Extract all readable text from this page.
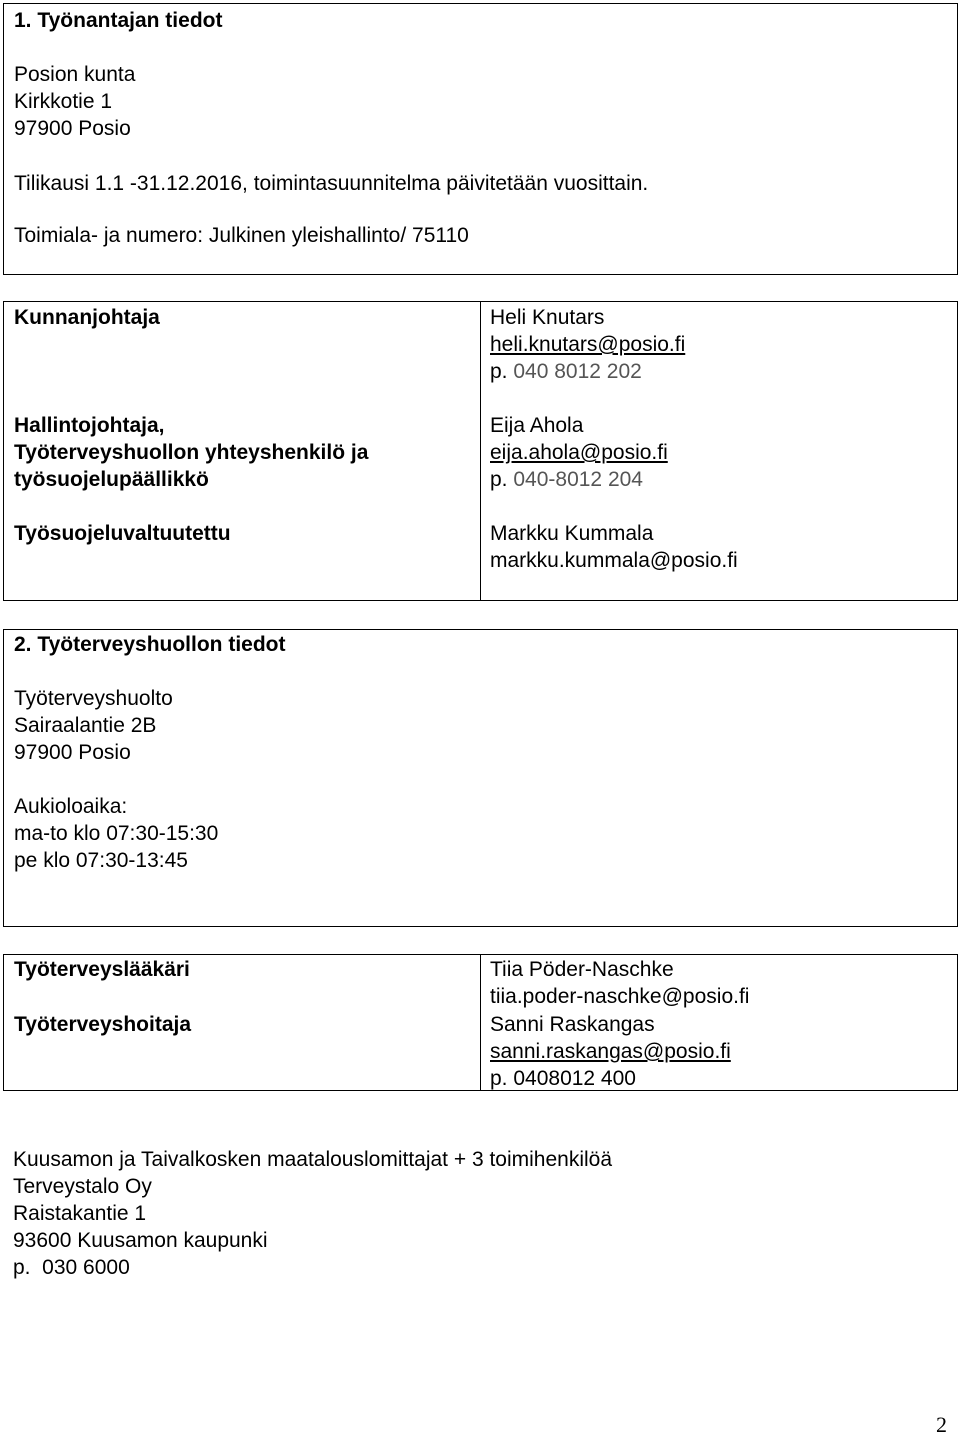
1. Työnantajan tiedot
Posion kunta
Kirkkotie 1
97900 Posio
Tilikausi 1.1 -31.12.2016, toimintasuunnitelma päivitetään vuosittain.
Toimiala- ja numero: Julkinen yleishallinto/ 75110
Kunnanjohtaja
Hallintojohtaja,
Työterveyshuollon yhteyshenkilö ja
työsuojelupäällikkö
Työsuojeluvaltuutettu
Heli Knutars
heli.knutars@posio.fi
p. 040 8012 202
Eija Ahola
eija.ahola@posio.fi
p. 040-8012 204
Markku Kummala
markku.kummala@posio.fi
2. Työterveyshuollon tiedot
Työterveyshuolto
Sairaalantie 2B
97900 Posio
Aukioloaika:
ma-to klo 07:30-15:30
pe klo 07:30-13:45
Työterveyslääkäri
Työterveyshoitaja
Tiia Pöder-Naschke
tiia.poder-naschke@posio.fi
Sanni Raskangas
sanni.raskangas@posio.fi
p. 0408012 400
Kuusamon ja Taivalkosken maatalouslomittajat + 3 toimihenkilöä
Terveystalo Oy
Raistakantie 1
93600 Kuusamon kaupunki
p.  030 6000
2
